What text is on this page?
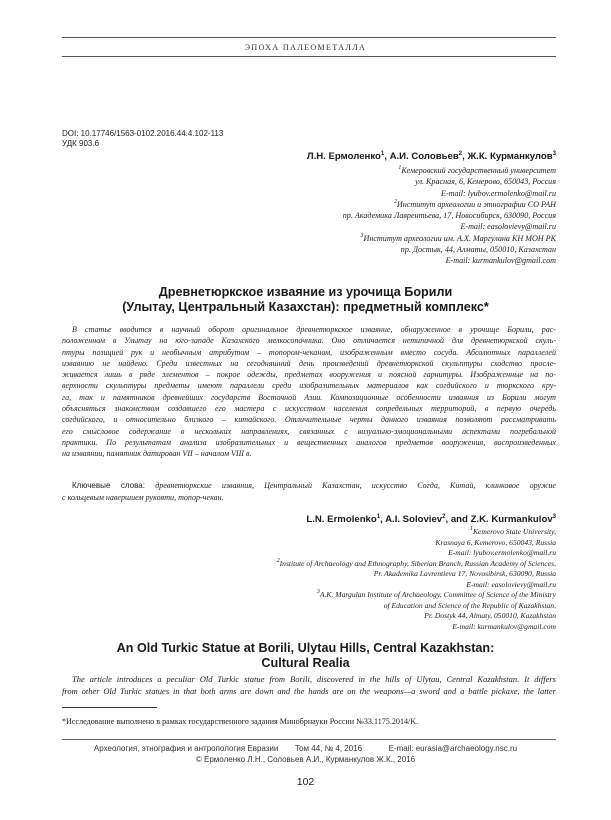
ЭПОХА ПАЛЕОМЕТАЛЛА
DOI: 10.17746/1563-0102.2016.44.4.102-113
УДК 903.6
Л.Н. Ермоленко$^1$, А.И. Соловьев$^2$, Ж.К. Курманкулов$^3$
$^1$Кемеровский государственный университет
ул. Красная, 6, Кемерово, 650043, Россия
E-mail: lyubov.ermolenko@mail.ru
$^2$Институт археологии и этнографии СО РАН
пр. Академика Лаврентьева, 17, Новосибирск, 630090, Россия
E-mail: easolovievy@mail.ru
$^3$Институт археологии им. А.Х. Маргулана КН МОН РК
пр. Достык, 44, Алматы, 050010, Казахстан
E-mail: kurmankulov@gmail.com
Древнетюркское изваяние из урочища Борили
(Улытау, Центральный Казахстан): предметный комплекс*
В статье вводится в научный оборот оригинальное древнетюркское изваяние, обнаруженное в урочище Борили, рас-
положенном в Улытау на юго-западе Казахского мелкосопочника. Оно отличается нетипичной для древнетюркской скуль-
птуры позицией рук и необычным атрибутом – топором-чеканом, изображенным вместо сосуда. Абсолютных параллелей
изваянию не найдено. Среди известных на сегодняшний день произведений древнетюркской скульптуры сходство просле-
живается лишь в ряде элементов – покрое одежды, предметах вооружения и поясной гарнитуры. Изображенные на по-
верхности скульптуры предметы имеют параллели среди изобразительных материалов как согдийского и тюркского кру-
га, так и памятников древнейших государств Восточной Азии. Композиционные особенности изваяния из Борили могут
объясняться знакомством создавшего его мастера с искусством населения сопредельных территорий, в первую очередь
согдийского, и относительно близкого – китайского. Отличительные черты данного изваяния позволяют рассматривать
его смысловое содержание в нескольких направлениях, связанных с визуально-эмоциональными аспектами погребальной
практики. По результатам анализа изобразительных и вещественных аналогов предметов вооружения, воспроизведенных
на изваянии, памятник датирован VII – началом VIII в.
Ключевые слова: древнетюркские изваяния, Центральный Казахстан, искусство Согда, Китай, клинковое оружие
с кольцевым навершием рукояти, топор-чекан.
L.N. Ermolenko$^1$, A.I. Soloviev$^2$, and Z.K. Kurmankulov$^3$
$^1$Kemerovo State University,
Krasnaya 6, Kemerovo, 650043, Russia
E-mail: lyubov.ermolenko@mail.ru
$^2$Institute of Archaeology and Ethnography, Siberian Branch, Russian Academy of Sciences,
Pr. Akademika Lavrentieva 17, Novosibirsk, 630090, Russia
E-mail: easolovievy@mail.ru
$^3$A.K. Margulan Institute of Archaeology, Committee of Science of the Ministry
of Education and Science of the Republic of Kazakhstan,
Pr. Dostyk 44, Almaty, 050010, Kazakhstan
E-mail: kurmankulov@gmail.com
An Old Turkic Statue at Borili, Ulytau Hills, Central Kazakhstan:
Cultural Realia
The article introduces a peculiar Old Turkic statue from Borili, discovered in the hills of Ulytau, Central Kazakhstan. It differs
from other Old Turkic statues in that both arms are down and the hands are on the weapons—a sword and a battle pickaxe, the latter
*Исследование выполнено в рамках государственного задания Минобрнауки России №33.1175.2014/K.
Археология, этнография и антропология Евразии Том 44, № 4, 2016	E-mail: eurasia@archaeology.nsc.ru
© Ермоленко Л.Н., Соловьев А.И., Курманкулов Ж.К., 2016
102
